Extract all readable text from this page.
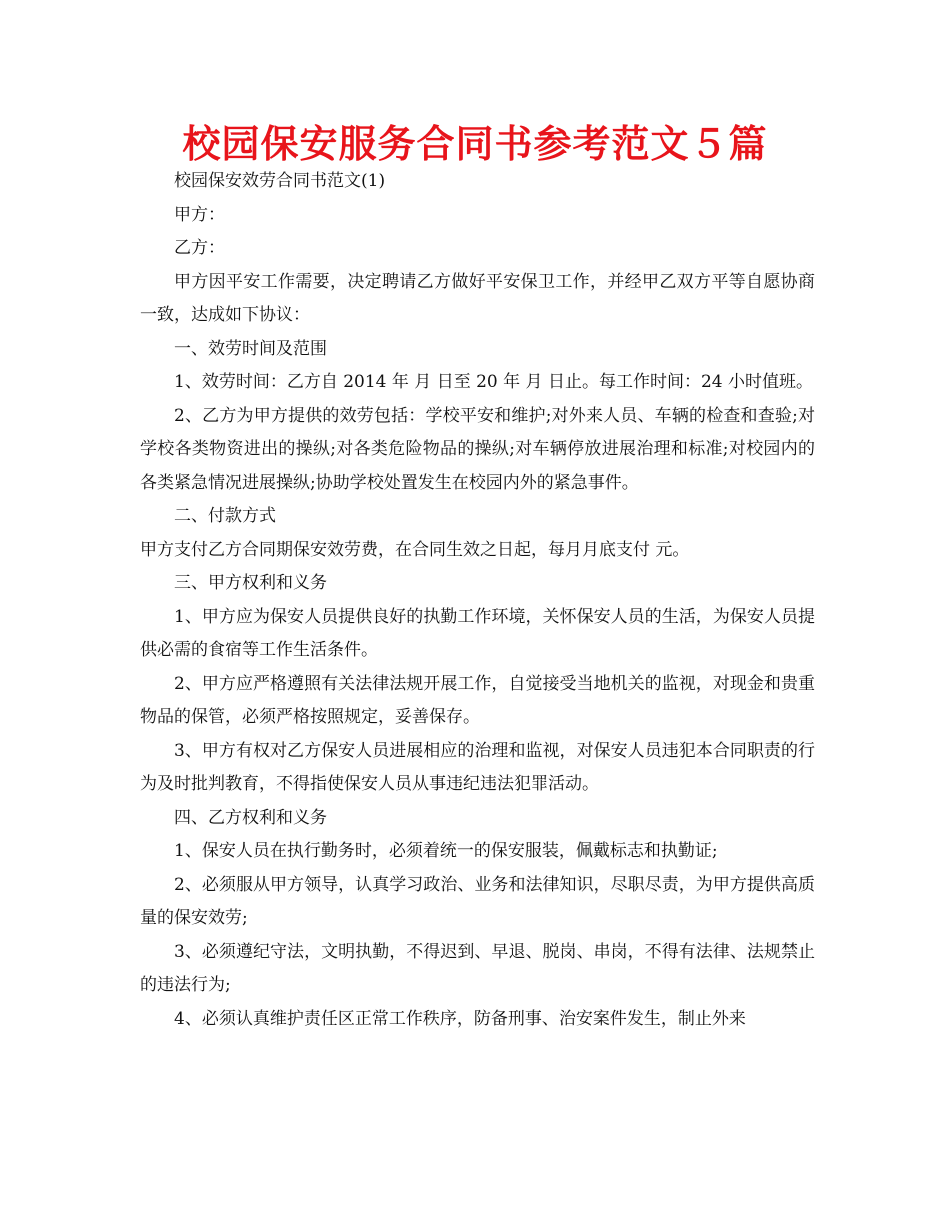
校园保安服务合同书参考范文５篇

校园保安效劳合同书范文(1)

甲方：

乙方：

甲方因平安工作需要，决定聘请乙方做好平安保卫工作，并经甲乙双方平等自愿协商一致，达成如下协议：

一、效劳时间及范围

1、效劳时间：乙方自 2014 年 月 日至 20 年 月 日止。每工作时间：24 小时值班。

2、乙方为甲方提供的效劳包括：学校平安和维护;对外来人员、车辆的检查和查验;对学校各类物资进出的操纵;对各类危险物品的操纵;对车辆停放进展治理和标准;对校园内的各类紧急情况进展操纵;协助学校处置发生在校园内外的紧急事件。

二、付款方式

甲方支付乙方合同期保安效劳费，在合同生效之日起，每月月底支付 元。

三、甲方权利和义务

1、甲方应为保安人员提供良好的执勤工作环境，关怀保安人员的生活，为保安人员提供必需的食宿等工作生活条件。

2、甲方应严格遵照有关法律法规开展工作，自觉接受当地机关的监视，对现金和贵重物品的保管，必须严格按照规定，妥善保存。

3、甲方有权对乙方保安人员进展相应的治理和监视，对保安人员违犯本合同职责的行为及时批判教育，不得指使保安人员从事违纪违法犯罪活动。

四、乙方权利和义务

1、保安人员在执行勤务时，必须着统一的保安服装，佩戴标志和执勤证;

2、必须服从甲方领导，认真学习政治、业务和法律知识，尽职尽责，为甲方提供高质量的保安效劳;

3、必须遵纪守法，文明执勤，不得迟到、早退、脱岗、串岗，不得有法律、法规禁止的违法行为;

4、必须认真维护责任区正常工作秩序，防备刑事、治安案件发生，制止外来
